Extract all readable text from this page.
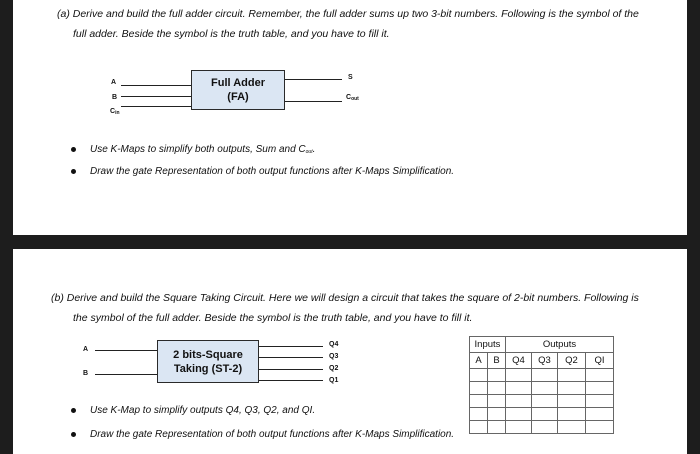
(a) Derive and build the full adder circuit. Remember, the full adder sums up two 3-bit numbers. Following is the symbol of the
full adder. Beside the symbol is the truth table, and you have to fill it.
A
B
$C_{in}$
Full Adder
(FA)
S
$C_{out}$
Use K-Maps to simplify both outputs, Sum and $C_{out}$.
Draw the gate Representation of both output functions after K-Maps Simplification.
(b) Derive and build the Square Taking Circuit. Here we will design a circuit that takes the square of 2-bit numbers. Following is
the symbol of the full adder. Beside the symbol is the truth table, and you have to fill it.
A
B
2 bits-Square
Taking (ST-2)
Q4
Q3
Q2
Q1
Inputs		Outputs			
A	B	Q4	Q3	Q2	QI

Use K-Map to simplify outputs Q4, Q3, Q2, and QI.
Draw the gate Representation of both output functions after K-Maps Simplification.
